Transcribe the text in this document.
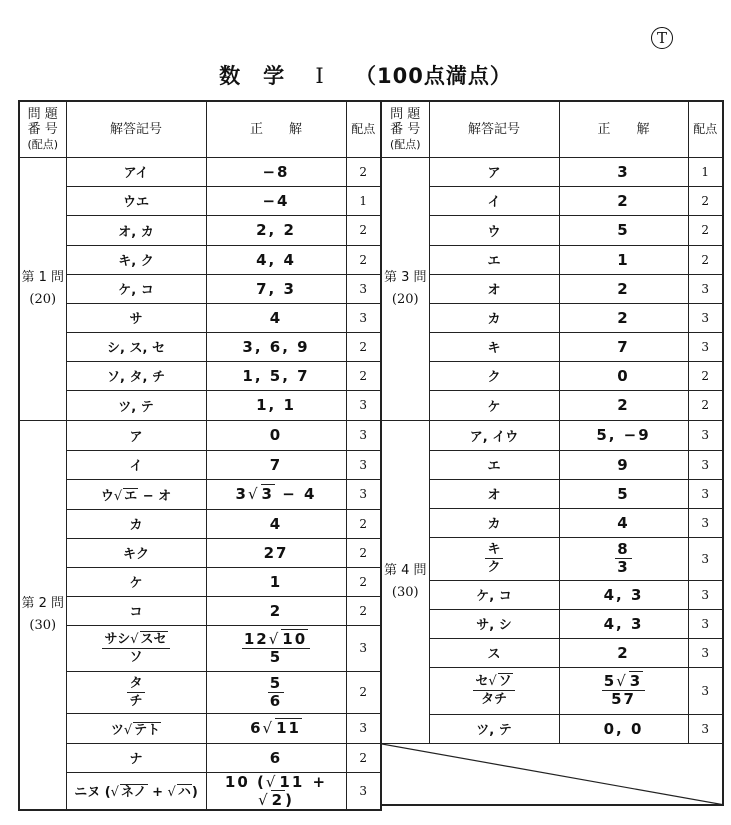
T
数　学　 Ⅰ　 （100点満点）
問 題
番 号
(配点)	解答記号	正　　解	配点

第 1 問
(20)	アイ	−8	2
	ウエ	−4	1
	オ, カ	2, 2	2
	キ, ク	4, 4	2
	ケ, コ	7, 3	3
	サ	4	3
	シ, ス, セ	3, 6, 9	2
	ソ, タ, チ	1, 5, 7	2
	ツ, テ	1, 1	3

第 2 問
(30)	ア	0	3
	イ	7	3
	ウ√ エ − オ	3√ 3 − 4	3
	カ	4	2
	キク	27	2
	ケ	1	2
	コ	2	2

	$\frac{\text{サシ√ スセ}}{\text{ソ}}$	$\frac{12√ 10}{5}$	3

	$\frac{\text{タ}}{\text{チ}}$	$\frac{5}{6}$	2
	ツ√ テト	6√ 11	3
	ナ	6	2
	ニヌ (√ ネノ + √ ハ)	10 (√ 11 + √ 2)	3
問 題
番 号
(配点)	解答記号	正　　解	配点

第 3 問
(20)	ア	3	1
	イ	2	2
	ウ	5	2
	エ	1	2
	オ	2	3
	カ	2	3
	キ	7	3
	ク	0	2
	ケ	2	2

第 4 問
(30)	ア, イウ	5, −9	3
	エ	9	3
	オ	5	3
	カ	4	3

	$\frac{\text{キ}}{\text{ク}}$	$\frac{8}{3}$	3
	ケ, コ	4, 3	3
	サ, シ	4, 3	3
	ス	2	3

	$\frac{\text{セ√ ソ}}{\text{タチ}}$	$\frac{5√ 3}{57}$	3
	ツ, テ	0, 0	3
